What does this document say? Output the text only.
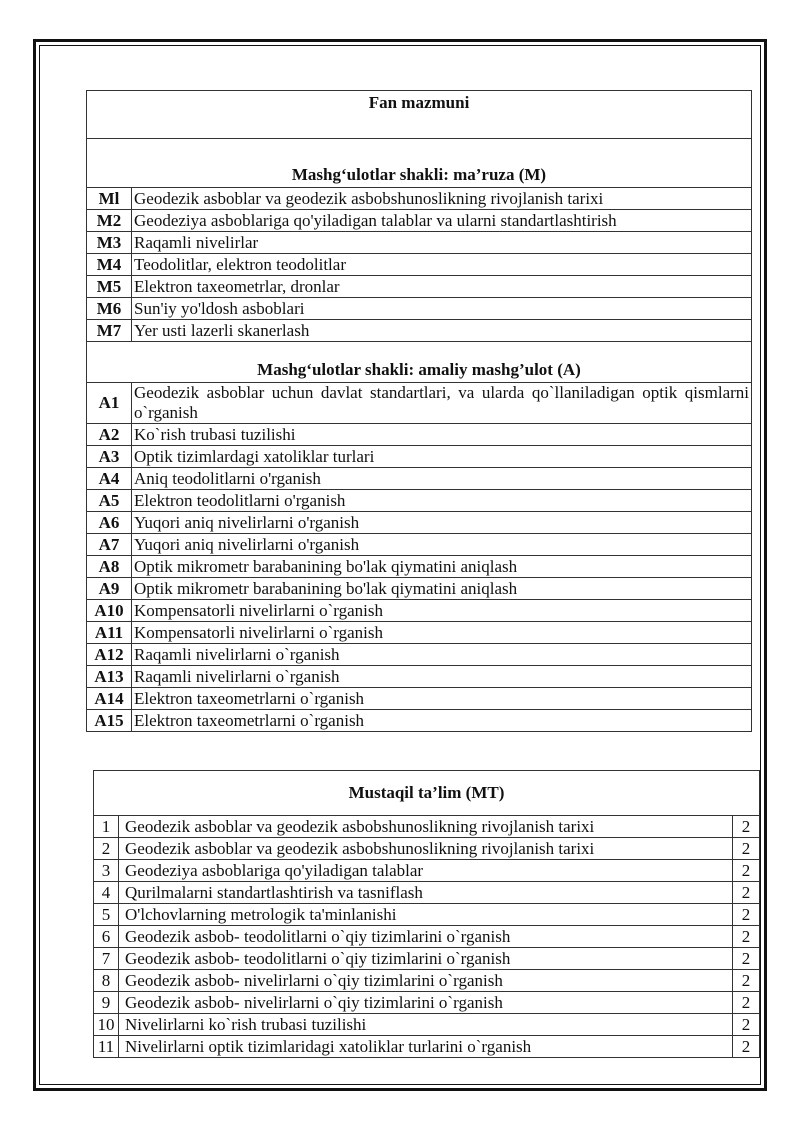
Fan mazmuni	
Mashg‘ulotlar shakli: ma’ruza (M)	
Ml	Geodezik asboblar va geodezik asbobshunoslikning rivojlanish tarixi
M2	Geodeziya asboblariga qo'yiladigan talablar va ularni standartlashtirish
M3	Raqamli nivelirlar
M4	Teodolitlar, elektron teodolitlar
M5	Elektron taxeometrlar, dronlar
M6	Sun'iy yo'ldosh asboblari
M7	Yer usti lazerli skanerlash
Mashg‘ulotlar shakli: amaliy mashg’ulot (A)	
A1	Geodezik asboblar uchun davlat standartlari, va ularda qo`llaniladigan optik qismlarni o`rganish
A2	Ko`rish trubasi tuzilishi
A3	Optik tizimlardagi xatoliklar turlari
A4	Aniq teodolitlarni o'rganish
A5	Elektron teodolitlarni o'rganish
A6	Yuqori aniq nivelirlarni o'rganish
A7	Yuqori aniq nivelirlarni o'rganish
A8	Optik mikrometr barabanining bo'lak qiymatini aniqlash
A9	Optik mikrometr barabanining bo'lak qiymatini aniqlash
A10	Kompensatorli nivelirlarni o`rganish
A11	Kompensatorli nivelirlarni o`rganish
A12	Raqamli nivelirlarni o`rganish
A13	Raqamli nivelirlarni o`rganish
A14	Elektron taxeometrlarni o`rganish
A15	Elektron taxeometrlarni o`rganish
Mustaqil ta’lim (MT)		
1	Geodezik asboblar va geodezik asbobshunoslikning rivojlanish tarixi	2
2	Geodezik asboblar va geodezik asbobshunoslikning rivojlanish tarixi	2
3	Geodeziya asboblariga qo'yiladigan talablar	2
4	Qurilmalarni standartlashtirish va tasniflash	2
5	O'lchovlarning metrologik ta'minlanishi	2
6	Geodezik asbob- teodolitlarni o`qiy tizimlarini o`rganish	2
7	Geodezik asbob- teodolitlarni o`qiy tizimlarini o`rganish	2
8	Geodezik asbob- nivelirlarni o`qiy tizimlarini o`rganish	2
9	Geodezik asbob- nivelirlarni o`qiy tizimlarini o`rganish	2
10	Nivelirlarni ko`rish trubasi tuzilishi	2
11	Nivelirlarni optik tizimlaridagi xatoliklar turlarini o`rganish	2
